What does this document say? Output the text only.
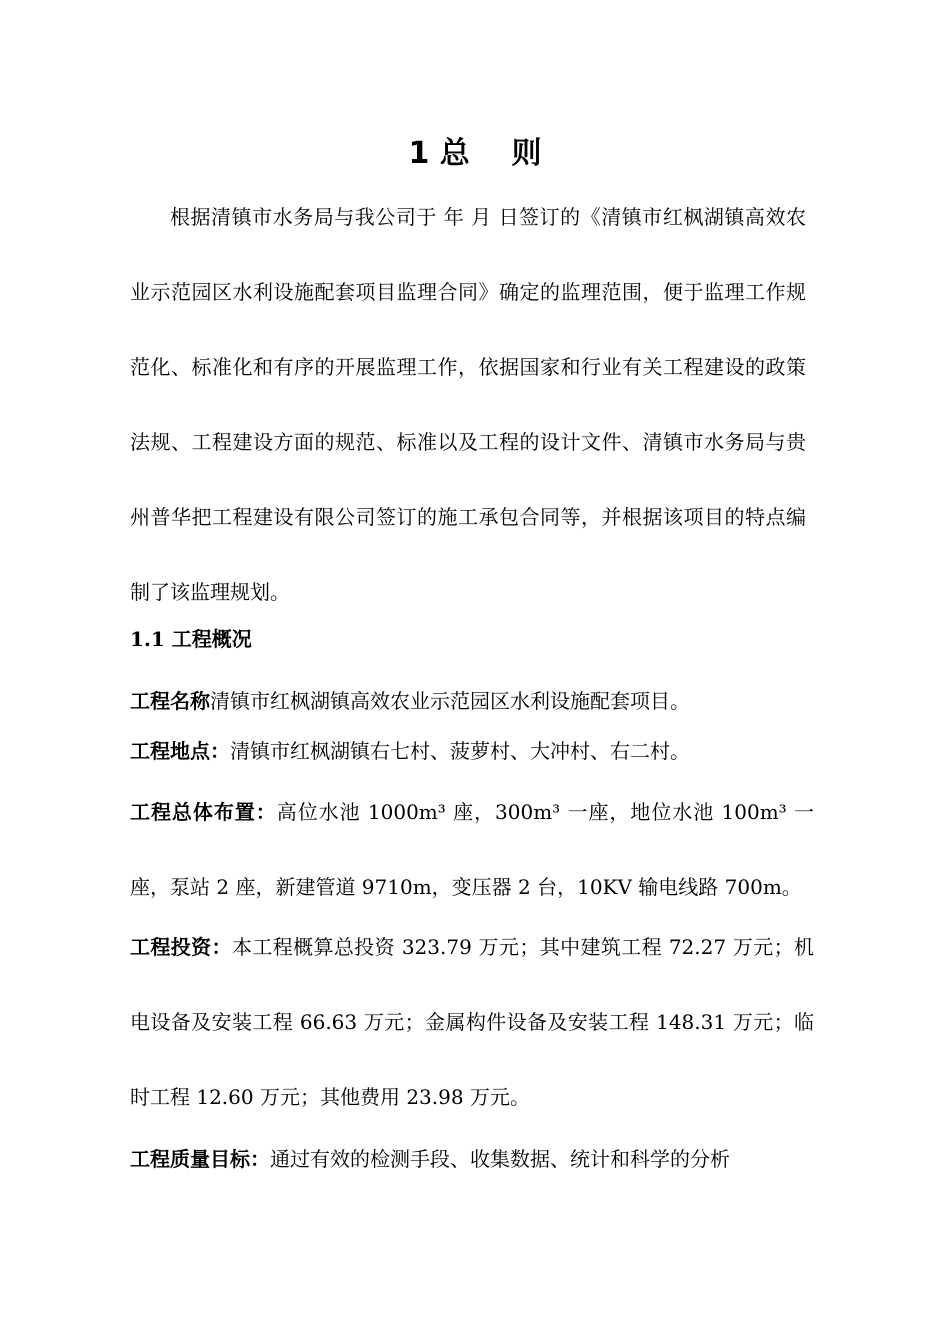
1 总    则

根据清镇市水务局与我公司于 年 月 日签订的《清镇市红枫湖镇高效农业示范园区水利设施配套项目监理合同》确定的监理范围，便于监理工作规范化、标准化和有序的开展监理工作，依据国家和行业有关工程建设的政策法规、工程建设方面的规范、标准以及工程的设计文件、清镇市水务局与贵州普华把工程建设有限公司签订的施工承包合同等，并根据该项目的特点编制了该监理规划。

1.1 工程概况

工程名称清镇市红枫湖镇高效农业示范园区水利设施配套项目。

工程地点：清镇市红枫湖镇右七村、菠萝村、大冲村、右二村。

工程总体布置：高位水池 1000m³ 座，300m³ 一座，地位水池 100m³ 一座，泵站 2 座，新建管道 9710m，变压器 2 台，10KV 输电线路 700m。

工程投资：本工程概算总投资 323.79 万元；其中建筑工程 72.27 万元；机电设备及安装工程 66.63 万元；金属构件设备及安装工程 148.31 万元；临时工程 12.60 万元；其他费用 23.98 万元。

工程质量目标：通过有效的检测手段、收集数据、统计和科学的分析
